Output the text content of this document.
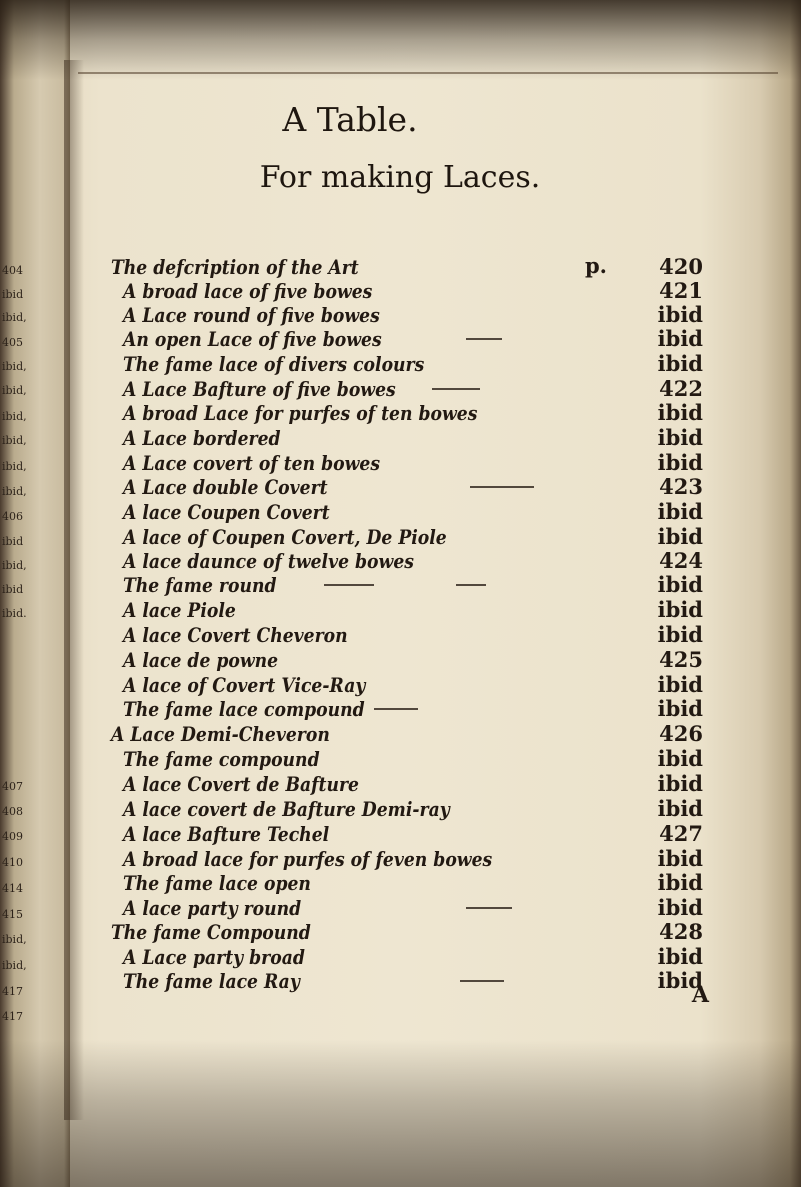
404
ibid
ibid,
405
ibid,
ibid,
ibid,
ibid,
ibid,
ibid,
406
ibid
ibid,
ibid
ibid.
407
408
409
410
414
415
ibid,
ibid,
417
417
A Table.
For making Laces.
The defcription of the Art	p. 420
A broad lace of five bowes	421
A Lace round of five bowes	ibid
An open Lace of five bowes	ibid
The fame lace of divers colours	ibid
A Lace Bafture of five bowes	422
A broad Lace for purfes of ten bowes	ibid
A Lace bordered	ibid
A Lace covert of ten bowes	ibid
A Lace double Covert	423
A lace Coupen Covert	ibid
A lace of Coupen Covert, De Piole	ibid
A lace daunce of twelve bowes	424
The fame round	ibid
A lace Piole	ibid
A lace Covert Cheveron	ibid
A lace de powne	425
A lace of Covert Vice-Ray	ibid
The fame lace compound	ibid
A Lace Demi-Cheveron	426
The fame compound	ibid
A lace Covert de Bafture	ibid
A lace covert de Bafture Demi-ray	ibid
A lace Bafture Techel	427
A broad lace for purfes of feven bowes	ibid
The fame lace open	ibid
A lace party round	ibid
The fame Compound	428
A Lace party broad	ibid
The fame lace Ray	ibid
A
